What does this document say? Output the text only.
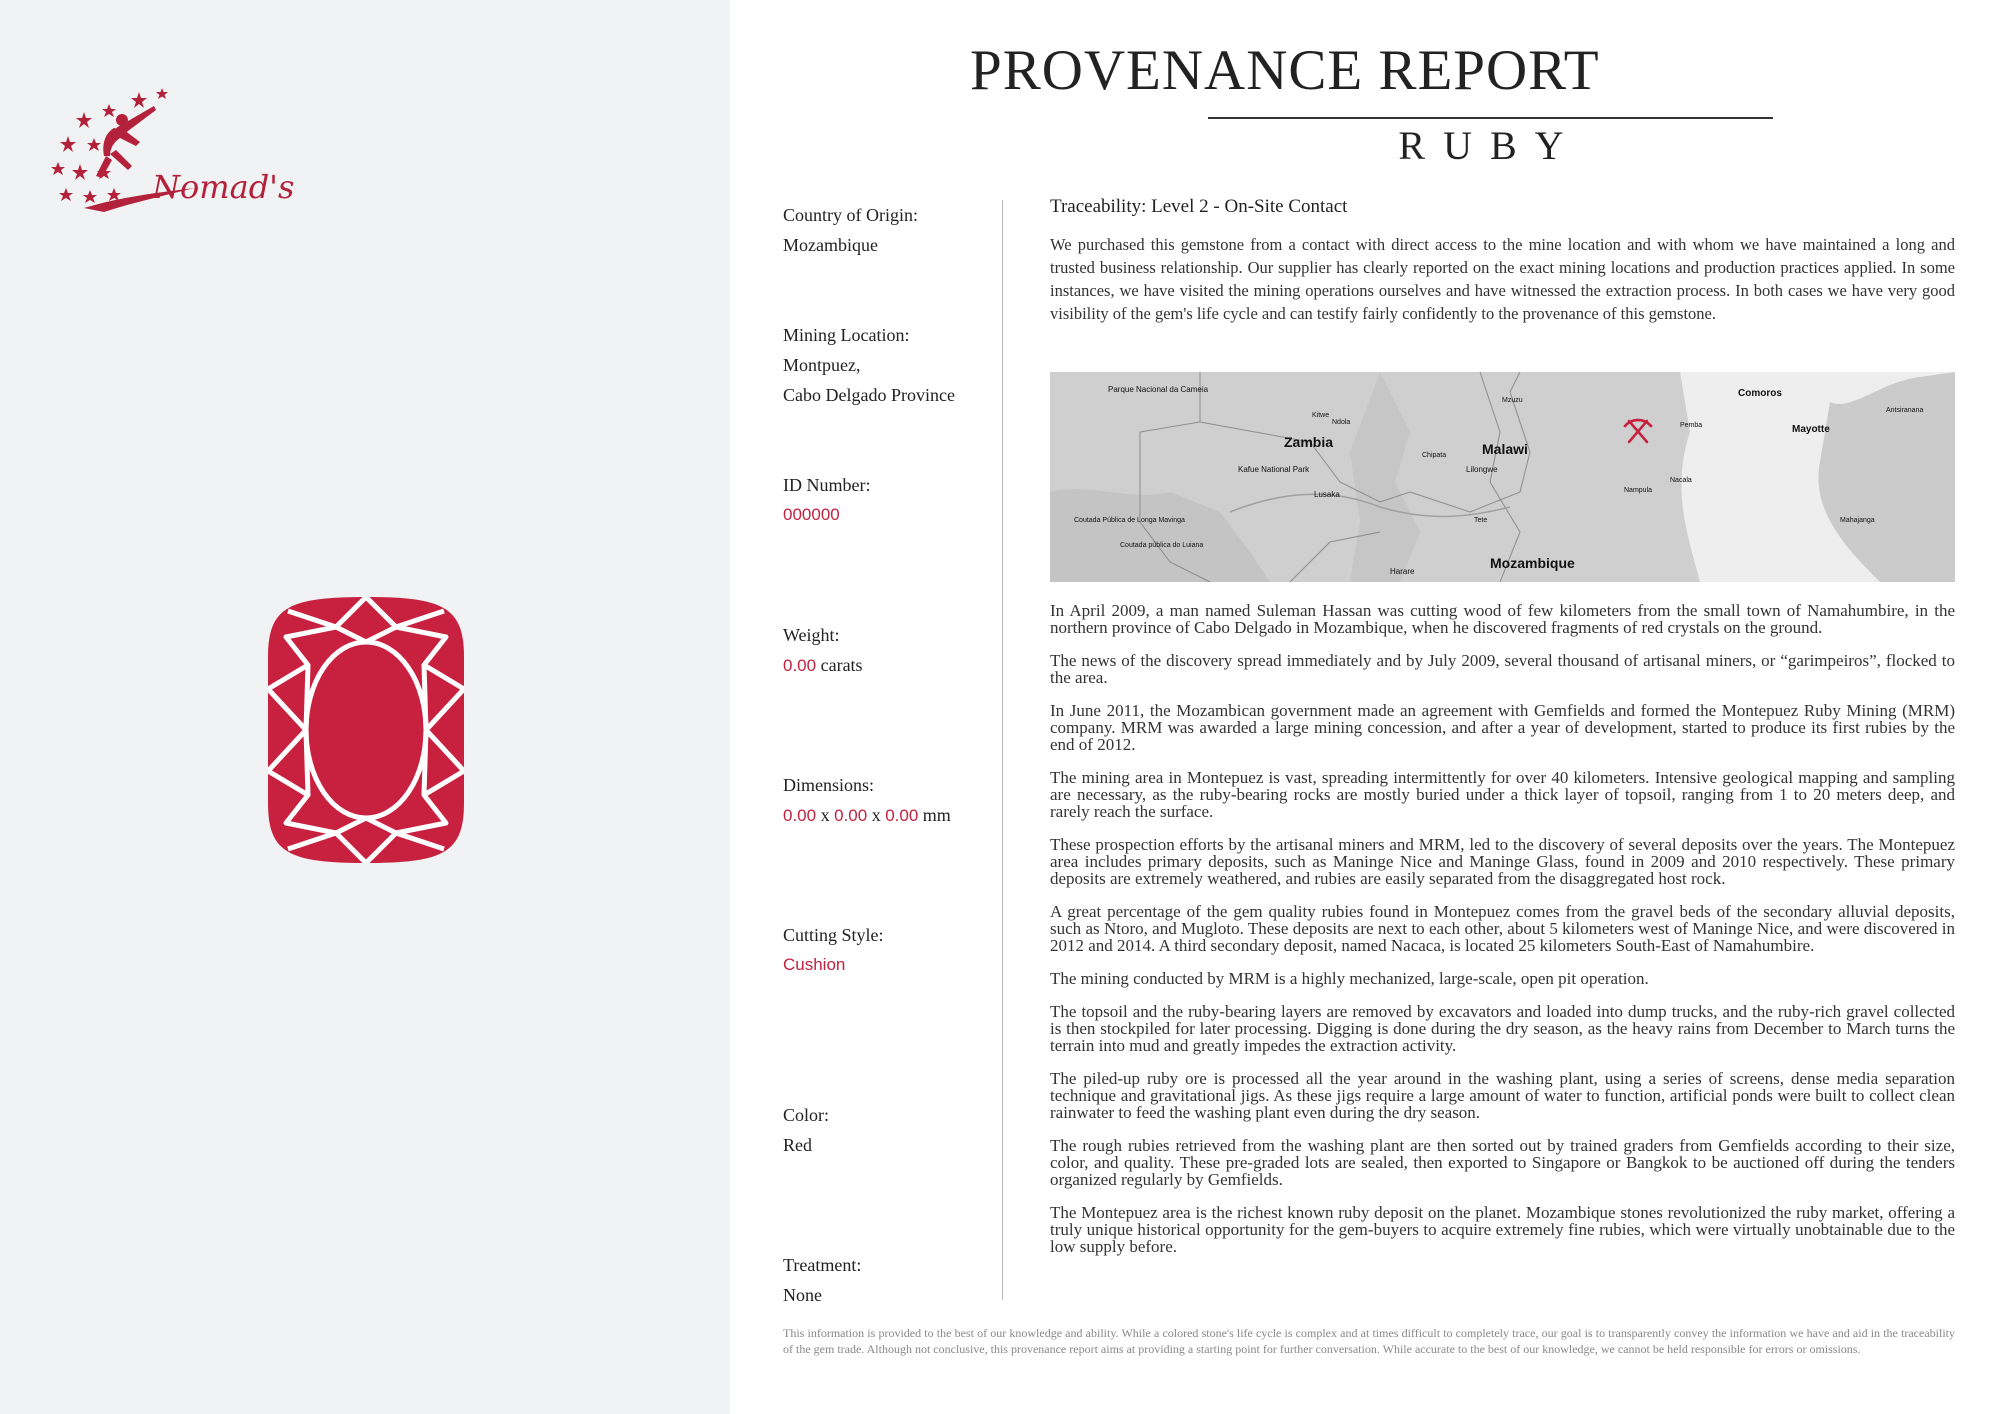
Nomad's
PROVENANCE REPORT
RUBY
Country of Origin:
Mozambique
Mining Location:
Montpuez,
Cabo Delgado Province
ID Number:
000000
Weight:
0.00 carats
Dimensions:
0.00 x 0.00 x 0.00 mm
Cutting Style:
Cushion
Color:
Red
Treatment:
None
Traceability: Level 2 - On-Site Contact
We purchased this gemstone from a contact with direct access to the mine location and with whom we have maintained a long and trusted business relationship. Our supplier has clearly reported on the exact mining locations and production practices applied. In some instances, we have visited the mining operations ourselves and have witnessed the extraction process. In both cases we have very good visibility of the gem's life cycle and can testify fairly confidently to the provenance of this gemstone.
Parque Nacional da Cameia
Kitwe
Ndola
Zambia
Kafue National Park
Lusaka
Coutada Pública de Longa Mavinga
Coutada pública do Luiana
Chipata
Mzuzu
Malawi
Lilongwe
Tete
Harare
Mozambique
Nampula
Nacala
Pemba
Comoros
Mayotte
Antsiranana
Mahajanga

In April 2009, a man named Suleman Hassan was cutting wood of few kilometers from the small town of Namahumbire, in the northern province of Cabo Delgado in Mozambique, when he discovered fragments of red crystals on the ground.

The news of the discovery spread immediately and by July 2009, several thousand of artisanal miners, or “garimpeiros”, flocked to the area.

In June 2011, the Mozambican government made an agreement with Gemfields and formed the Montepuez Ruby Mining (MRM) company. MRM was awarded a large mining concession, and after a year of development, started to produce its first rubies by the end of 2012.

The mining area in Montepuez is vast, spreading intermittently for over 40 kilometers. Intensive geological mapping and sampling are necessary, as the ruby-bearing rocks are mostly buried under a thick layer of topsoil, ranging from 1 to 20 meters deep, and rarely reach the surface.

These prospection efforts by the artisanal miners and MRM, led to the discovery of several deposits over the years. The Montepuez area includes primary deposits, such as Maninge Nice and Maninge Glass, found in 2009 and 2010 respectively. These primary deposits are extremely weathered, and rubies are easily separated from the disaggregated host rock.

A great percentage of the gem quality rubies found in Montepuez comes from the gravel beds of the secondary alluvial deposits, such as Ntoro, and Mugloto. These deposits are next to each other, about 5 kilometers west of Maninge Nice, and were discovered in 2012 and 2014. A third secondary deposit, named Nacaca, is located 25 kilometers South-East of Namahumbire.

The mining conducted by MRM is a highly mechanized, large-scale, open pit operation.

The topsoil and the ruby-bearing layers are removed by excavators and loaded into dump trucks, and the ruby-rich gravel collected is then stockpiled for later processing. Digging is done during the dry season, as the heavy rains from December to March turns the terrain into mud and greatly impedes the extraction activity.

The piled-up ruby ore is processed all the year around in the washing plant, using a series of screens, dense media separation technique and gravitational jigs. As these jigs require a large amount of water to function, artificial ponds were built to collect clean rainwater to feed the washing plant even during the dry season.

The rough rubies retrieved from the washing plant are then sorted out by trained graders from Gemfields according to their size, color, and quality. These pre-graded lots are sealed, then exported to Singapore or Bangkok to be auctioned off during the tenders organized regularly by Gemfields.

The Montepuez area is the richest known ruby deposit on the planet. Mozambique stones revolutionized the ruby market, offering a truly unique historical opportunity for the gem-buyers to acquire extremely fine rubies, which were virtually unobtainable due to the low supply before.

This information is provided to the best of our knowledge and ability. While a colored stone's life cycle is complex and at times difficult to completely trace, our goal is to transparently convey the information we have and aid in the traceability of the gem trade. Although not conclusive, this provenance report aims at providing a starting point for further conversation. While accurate to the best of our knowledge, we cannot be held responsible for errors or omissions.
